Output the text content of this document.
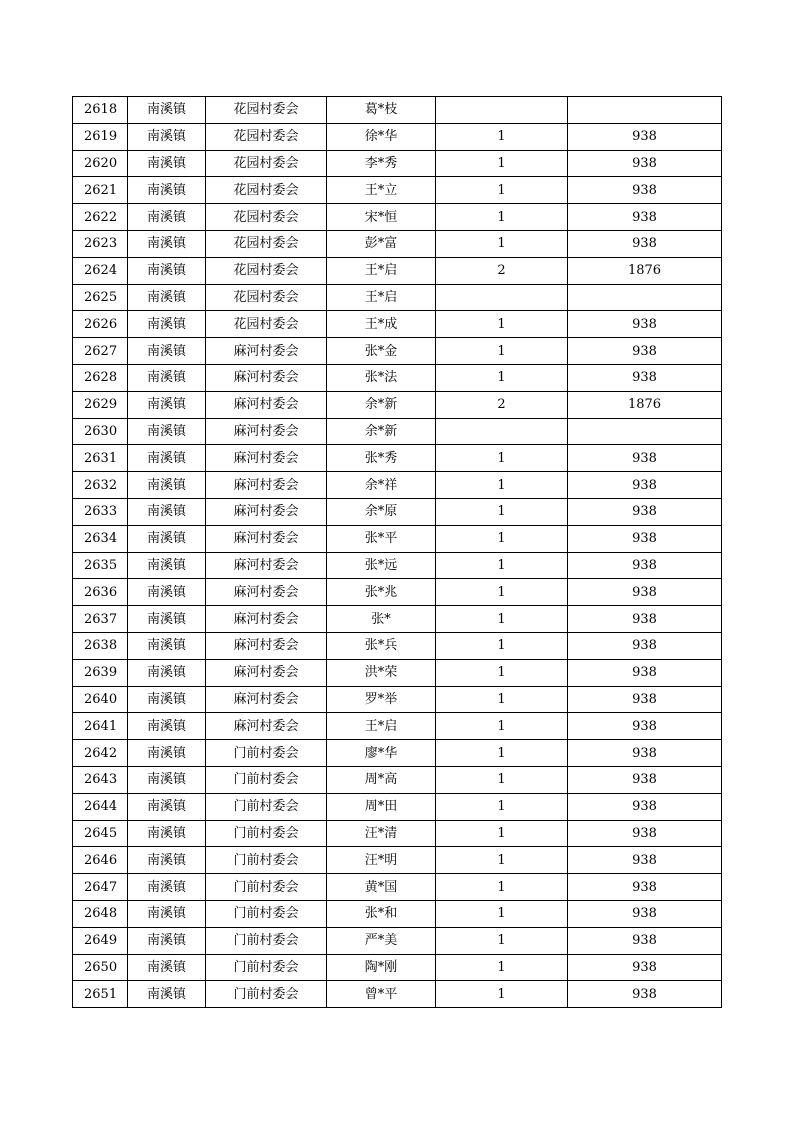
2618	南溪镇	花园村委会	葛*枝		
2619	南溪镇	花园村委会	徐*华	1	938
2620	南溪镇	花园村委会	李*秀	1	938
2621	南溪镇	花园村委会	王*立	1	938
2622	南溪镇	花园村委会	宋*恒	1	938
2623	南溪镇	花园村委会	彭*富	1	938
2624	南溪镇	花园村委会	王*启	2	1876
2625	南溪镇	花园村委会	王*启		
2626	南溪镇	花园村委会	王*成	1	938
2627	南溪镇	麻河村委会	张*金	1	938
2628	南溪镇	麻河村委会	张*法	1	938
2629	南溪镇	麻河村委会	余*新	2	1876
2630	南溪镇	麻河村委会	余*新		
2631	南溪镇	麻河村委会	张*秀	1	938
2632	南溪镇	麻河村委会	余*祥	1	938
2633	南溪镇	麻河村委会	余*原	1	938
2634	南溪镇	麻河村委会	张*平	1	938
2635	南溪镇	麻河村委会	张*远	1	938
2636	南溪镇	麻河村委会	张*兆	1	938
2637	南溪镇	麻河村委会	张*	1	938
2638	南溪镇	麻河村委会	张*兵	1	938
2639	南溪镇	麻河村委会	洪*荣	1	938
2640	南溪镇	麻河村委会	罗*举	1	938
2641	南溪镇	麻河村委会	王*启	1	938
2642	南溪镇	门前村委会	廖*华	1	938
2643	南溪镇	门前村委会	周*高	1	938
2644	南溪镇	门前村委会	周*田	1	938
2645	南溪镇	门前村委会	汪*清	1	938
2646	南溪镇	门前村委会	汪*明	1	938
2647	南溪镇	门前村委会	黄*国	1	938
2648	南溪镇	门前村委会	张*和	1	938
2649	南溪镇	门前村委会	严*美	1	938
2650	南溪镇	门前村委会	陶*刚	1	938
2651	南溪镇	门前村委会	曾*平	1	938
